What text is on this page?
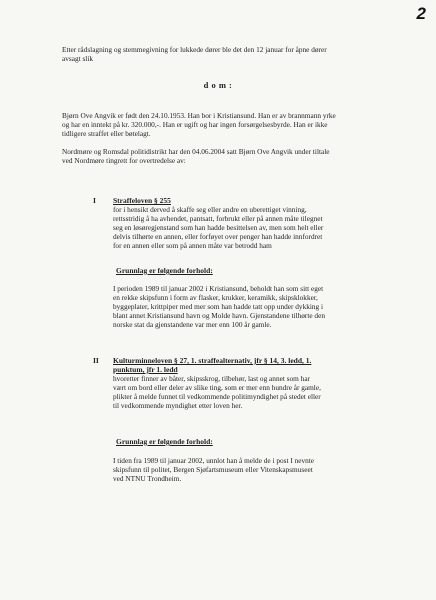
2
Etter rådslagning og stemmegivning for lukkede dører ble det den 12 januar for åpne dører
avsagt slik
d o m :
Bjørn Ove Angvik er født den 24.10.1953. Han bor i Kristiansund. Han er av brannmann yrke
og har en inntekt på kr. 320.000,-. Han er ugift og har ingen forsørgelsesbyrde. Han er ikke
tidligere straffet eller bøtelagt.
Nordmøre og Romsdal politidistrikt har den 04.06.2004 satt Bjørn Ove Angvik under tiltale
ved Nordmøre tingrett for overtredelse av:
I Straffeloven § 255
for i hensikt derved å skaffe seg eller andre en uberettiget vinning,
rettsstridig å ha avhendet, pantsatt, forbrukt eller på annen måte tilegnet
seg en løsøregjenstand som han hadde besittelsen av, men som helt eller
delvis tilhørte en annen, eller forføyet over penger han hadde innfordret
for en annen eller som på annen måte var betrodd ham
Grunnlag er følgende forhold:
I perioden 1989 til januar 2002 i Kristiansund, beholdt han som sitt eget
en rekke skipsfunn i form av flasker, krukker, keramikk, skipsklokker,
byggeplater, krittpiper med mer som han hadde tatt opp under dykking i
blant annet Kristiansund havn og Molde havn. Gjenstandene tilhørte den
norske stat da gjenstandene var mer enn 100 år gamle.
II Kulturminneloven § 27, 1. straffealternativ, jfr § 14, 3. ledd, 1.
punktum, jfr 1. ledd
hvoretter finner av båter, skipsskrog, tilbehør, last og annet som har
vært om bord eller deler av slike ting, som er mer enn hundre år gamle,
plikter å melde funnet til vedkommende politimyndighet på stedet eller
til vedkommende myndighet etter loven her.
Grunnlag er følgende forhold:
I tiden fra 1989 til januar 2002, unnlot han å melde de i post I nevnte
skipsfunn til politet, Bergen Sjøfartsmuseum eller Vitenskapsmuseet
ved NTNU Trondheim.
